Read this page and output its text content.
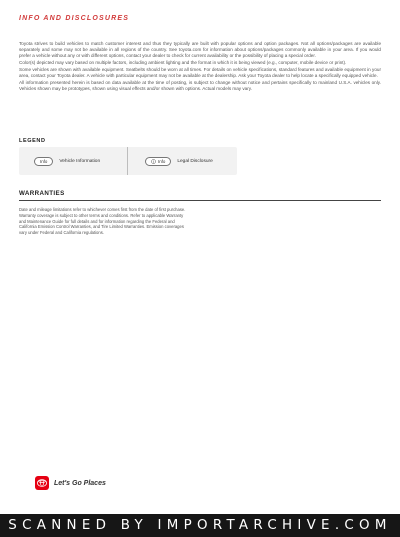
INFO AND DISCLOSURES

Toyota strives to build vehicles to match customer interest and thus they typically are built with popular options and option packages. Not all options/packages are available separately and some may not be available in all regions of the country. See toyota.com for information about options/packages commonly available in your area. If you would prefer a vehicle without any or with different options, contact your dealer to check for current availability or the possibility of placing a special order.

Color(s) depicted may vary based on multiple factors, including ambient lighting and the format in which it is being viewed (e.g., computer, mobile device or print).

Some vehicles are shown with available equipment. Seatbelts should be worn at all times. For details on vehicle specifications, standard features and available equipment in your area, contact your Toyota dealer. A vehicle with particular equipment may not be available at the dealership. Ask your Toyota dealer to help locate a specifically equipped vehicle.

All information presented herein is based on data available at the time of posting, is subject to change without notice and pertains specifically to mainland U.S.A. vehicles only. Vehicles shown may be prototypes, shown using visual effects and/or shown with options. Actual models may vary.

LEGEND
Info	Vehicle Information	Info	Legal Disclosure
WARRANTIES
Date and mileage limitations refer to whichever comes first from the date of first purchase. Warranty coverage is subject to other terms and conditions. Refer to applicable Warranty and Maintenance Guide for full details and for information regarding the Federal and California Emission Control Warranties, and Tire Limited Warranties. Emission coverages vary under Federal and California regulations.
Let's Go Places
SCANNED BY IMPORTARCHIVE.COM
